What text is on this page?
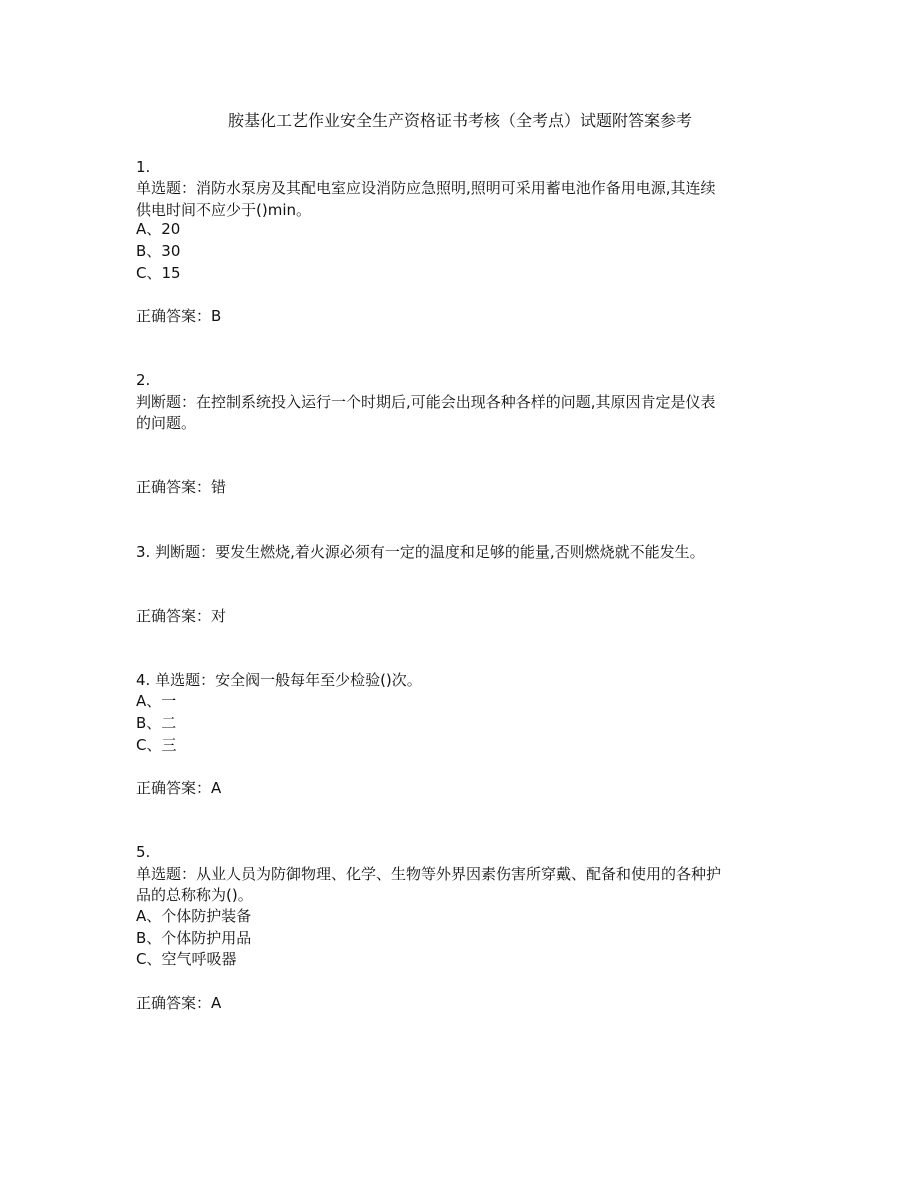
胺基化工艺作业安全生产资格证书考核（全考点）试题附答案参考
1.
单选题：消防水泵房及其配电室应设消防应急照明,照明可采用蓄电池作备用电源,其连续
供电时间不应少于()min。
A、20
B、30
C、15
正确答案：B
2.
判断题：在控制系统投入运行一个时期后,可能会出现各种各样的问题,其原因肯定是仪表
的问题。
正确答案：错
3. 判断题：要发生燃烧,着火源必须有一定的温度和足够的能量,否则燃烧就不能发生。
正确答案：对
4. 单选题：安全阀一般每年至少检验()次。
A、一
B、二
C、三
正确答案：A
5.
单选题：从业人员为防御物理、化学、生物等外界因素伤害所穿戴、配备和使用的各种护
品的总称称为()。
A、个体防护装备
B、个体防护用品
C、空气呼吸器
正确答案：A
